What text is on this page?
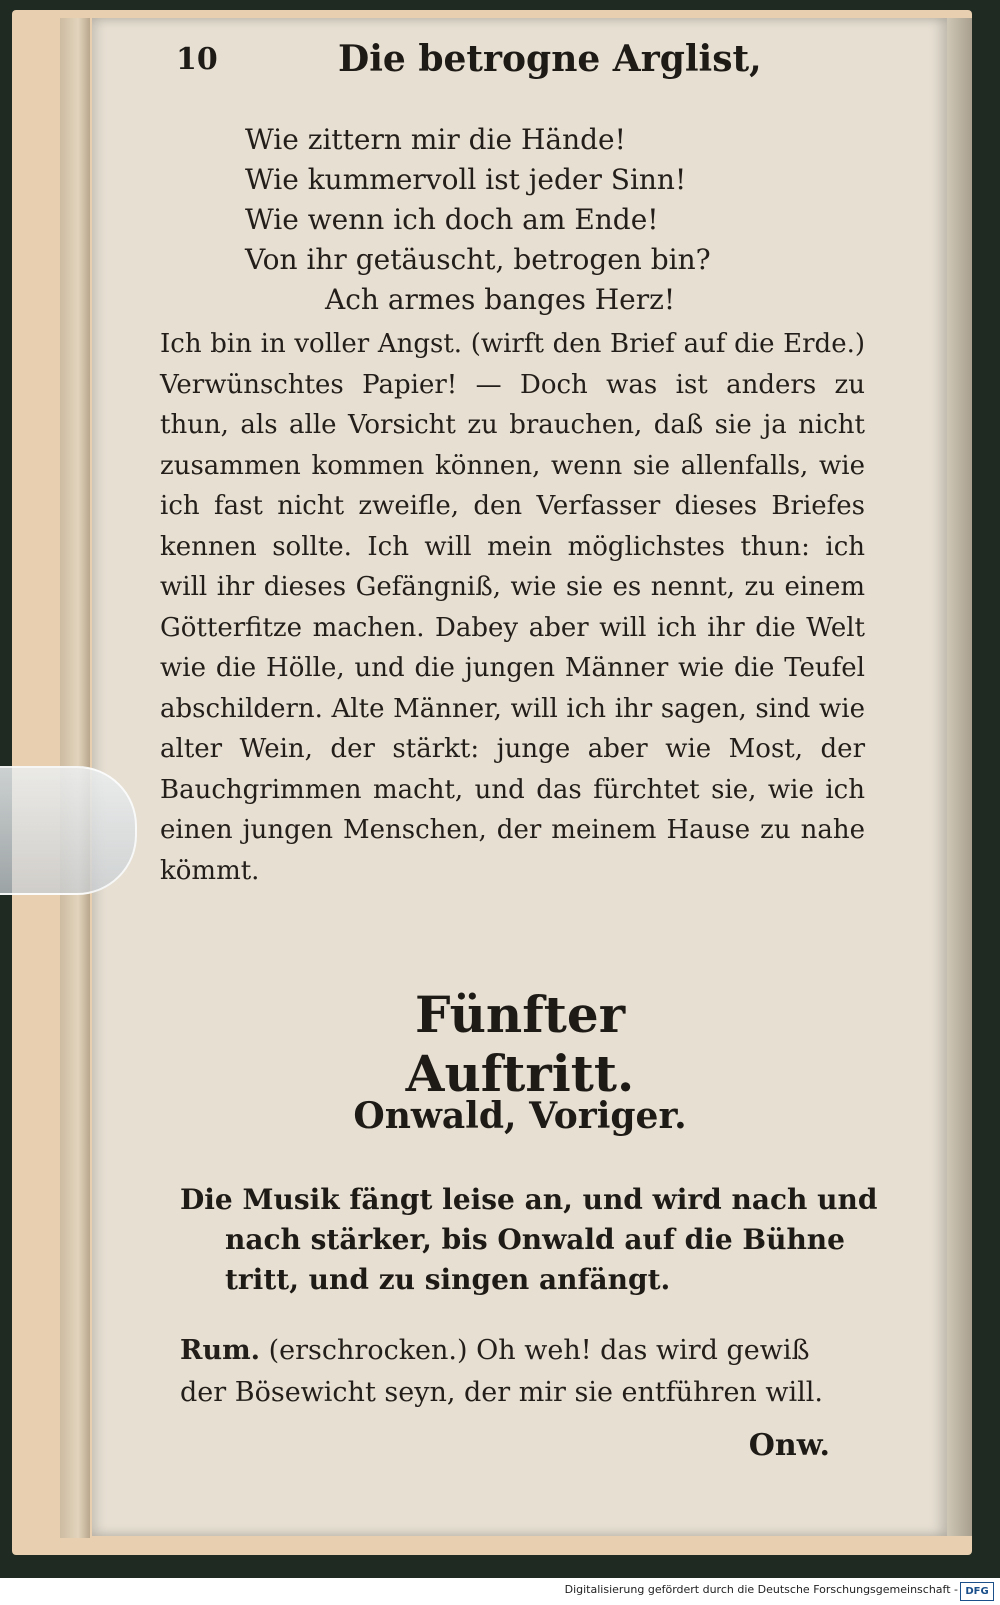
10	Die betrogne Arglist,
Wie zittern mir die Hände!
Wie kummervoll ist jeder Sinn!
Wie wenn ich doch am Ende!
Von ihr getäuscht, betrogen bin?
Ach armes banges Herz!
Ich bin in voller Angst. (wirft den Brief auf die Erde.) Verwünschtes Papier! — Doch was ist anders zu thun, als alle Vorsicht zu brauchen, daß sie ja nicht zusammen kommen können, wenn sie allenfalls, wie ich fast nicht zweifle, den Verfasser dieses Briefes kennen sollte. Ich will mein möglichstes thun: ich will ihr dieses Gefängniß, wie sie es nennt, zu einem Götterfitze machen. Dabey aber will ich ihr die Welt wie die Hölle, und die jungen Männer wie die Teufel abschildern. Alte Männer, will ich ihr sagen, sind wie alter Wein, der stärkt: junge aber wie Most, der Bauchgrimmen macht, und das fürchtet sie, wie ich einen jungen Menschen, der meinem Hause zu nahe kömmt.
Fünfter Auftritt.
Onwald, Voriger.
Die Musik fängt leise an, und wird nach und nach stärker, bis Onwald auf die Bühne tritt, und zu singen anfängt.
Rum. (erschrocken.) Oh weh! das wird gewiß der Bösewicht seyn, der mir sie entführen will.
Onw.
Digitalisierung gefördert durch die Deutsche Forschungsgemeinschaft - DFG
